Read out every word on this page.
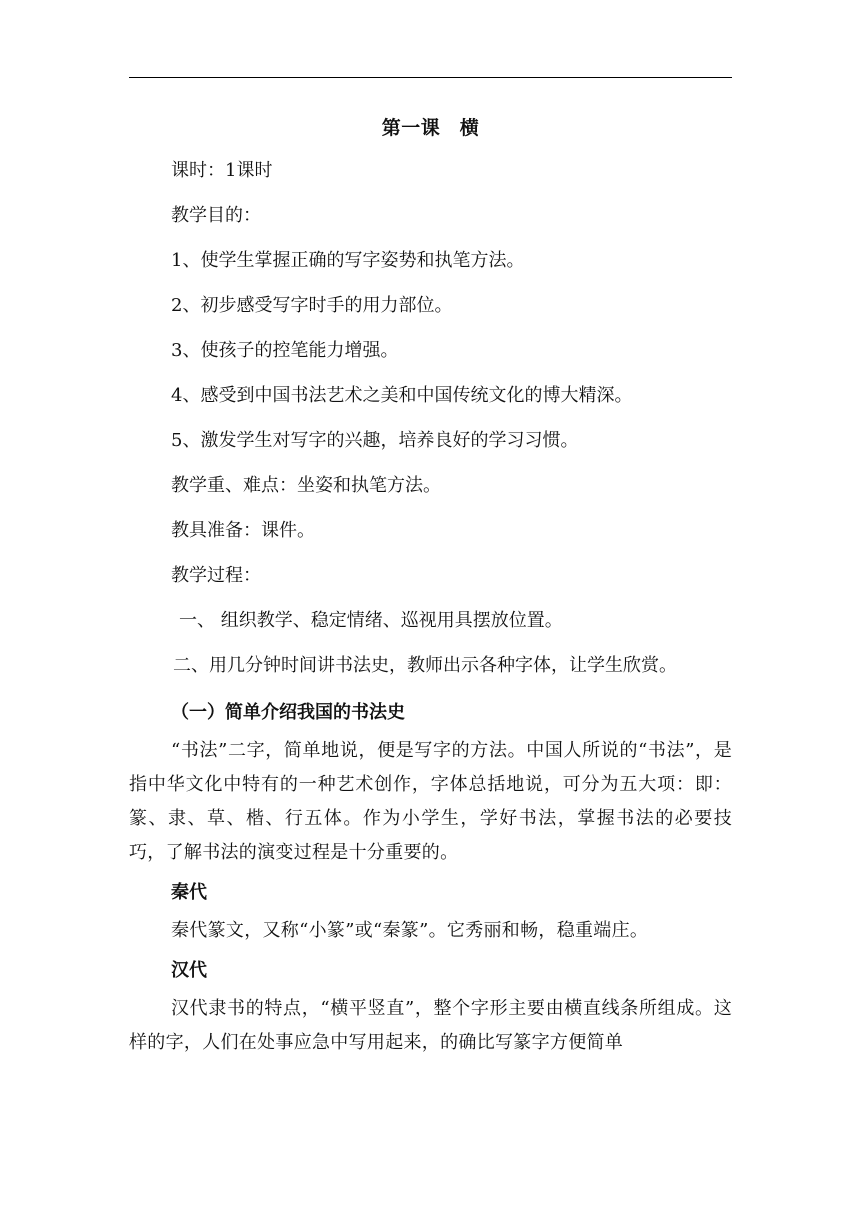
第一课　横
课时：1课时
教学目的：
1、使学生掌握正确的写字姿势和执笔方法。
2、初步感受写字时手的用力部位。
3、使孩子的控笔能力增强。
4、感受到中国书法艺术之美和中国传统文化的博大精深。
5、激发学生对写字的兴趣，培养良好的学习习惯。
教学重、难点：坐姿和执笔方法。
教具准备：课件。
教学过程：
一、 组织教学、稳定情绪、巡视用具摆放位置。
二、用几分钟时间讲书法史，教师出示各种字体，让学生欣赏。
（一）简单介绍我国的书法史
“书法”二字，简单地说，便是写字的方法。中国人所说的“书法”，是指中华文化中特有的一种艺术创作，字体总括地说，可分为五大项：即：篆、隶、草、楷、行五体。作为小学生，学好书法，掌握书法的必要技巧，了解书法的演变过程是十分重要的。
秦代
秦代篆文，又称“小篆”或“秦篆”。它秀丽和畅，稳重端庄。
汉代
汉代隶书的特点，“横平竖直”，整个字形主要由横直线条所组成。这样的字，人们在处事应急中写用起来，的确比写篆字方便简单
